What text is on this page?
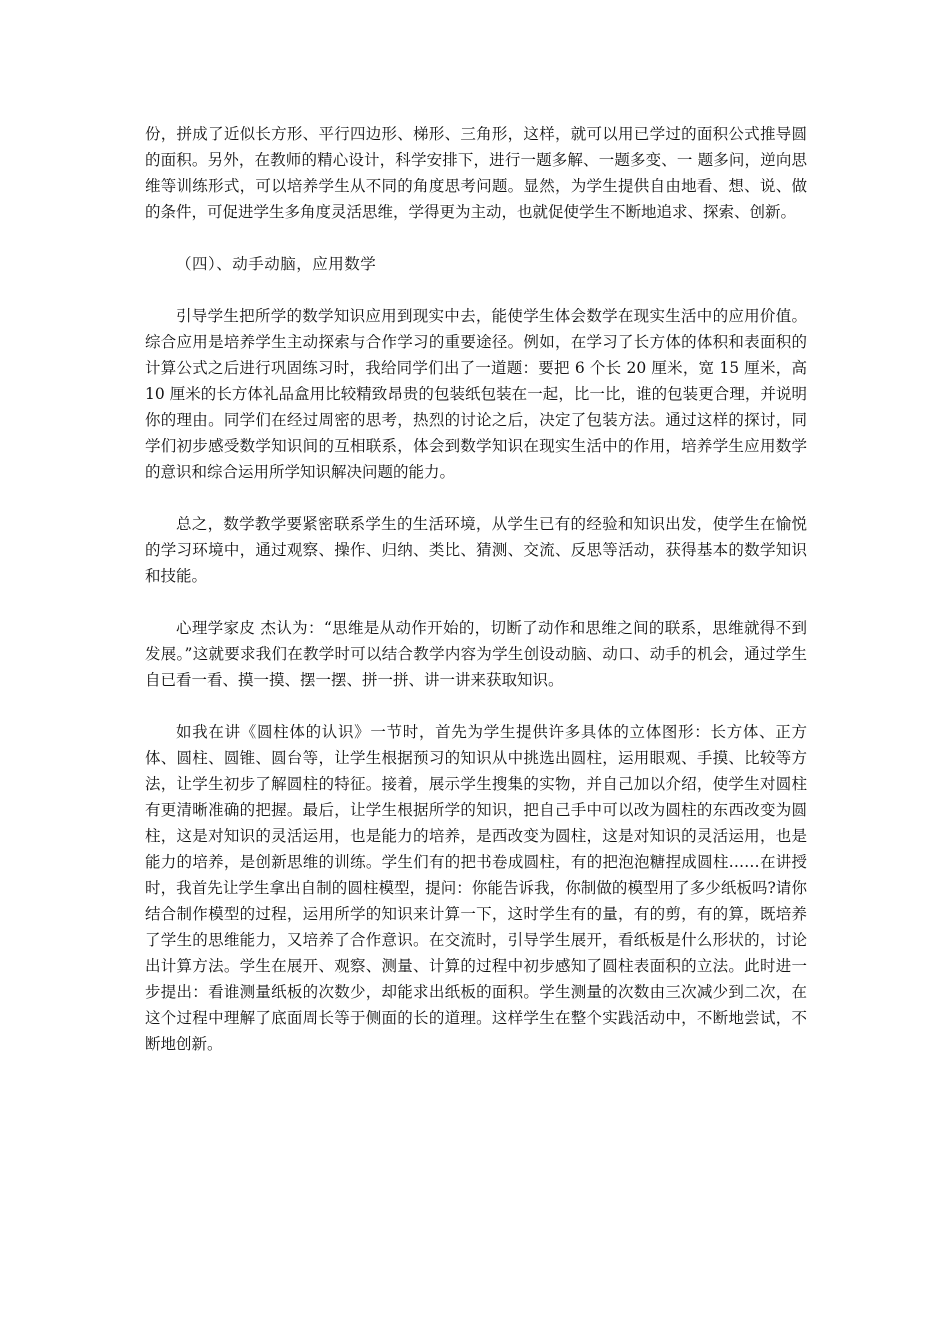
份，拼成了近似长方形、平行四边形、梯形、三角形，这样，就可以用已学过的面积公式推导圆的面积。另外，在教师的精心设计，科学安排下，进行一题多解、一题多变、一 题多问，逆向思维等训练形式，可以培养学生从不同的角度思考问题。显然，为学生提供自由地看、想、说、做的条件，可促进学生多角度灵活思维，学得更为主动，也就促使学生不断地追求、探索、创新。

（四）、动手动脑，应用数学

引导学生把所学的数学知识应用到现实中去，能使学生体会数学在现实生活中的应用价值。综合应用是培养学生主动探索与合作学习的重要途径。例如，在学习了长方体的体积和表面积的计算公式之后进行巩固练习时，我给同学们出了一道题：要把 6 个长 20 厘米，宽 15 厘米，高 10 厘米的长方体礼品盒用比较精致昂贵的包装纸包装在一起，比一比，谁的包装更合理，并说明你的理由。同学们在经过周密的思考，热烈的讨论之后，决定了包装方法。通过这样的探讨，同学们初步感受数学知识间的互相联系，体会到数学知识在现实生活中的作用，培养学生应用数学的意识和综合运用所学知识解决问题的能力。

总之，数学教学要紧密联系学生的生活环境，从学生已有的经验和知识出发，使学生在愉悦的学习环境中，通过观察、操作、归纳、类比、猜测、交流、反思等活动，获得基本的数学知识和技能。

心理学家皮 杰认为：“思维是从动作开始的，切断了动作和思维之间的联系，思维就得不到发展。”这就要求我们在教学时可以结合教学内容为学生创设动脑、动口、动手的机会，通过学生自已看一看、摸一摸、摆一摆、拼一拼、讲一讲来获取知识。

如我在讲《圆柱体的认识》一节时，首先为学生提供许多具体的立体图形：长方体、正方体、圆柱、圆锥、圆台等，让学生根据预习的知识从中挑选出圆柱，运用眼观、手摸、比较等方法，让学生初步了解圆柱的特征。接着，展示学生搜集的实物，并自己加以介绍，使学生对圆柱有更清晰准确的把握。最后，让学生根据所学的知识，把自己手中可以改为圆柱的东西改变为圆柱，这是对知识的灵活运用，也是能力的培养，是西改变为圆柱，这是对知识的灵活运用，也是能力的培养，是创新思维的训练。学生们有的把书卷成圆柱，有的把泡泡糖捏成圆柱……在讲授时，我首先让学生拿出自制的圆柱模型，提问：你能告诉我，你制做的模型用了多少纸板吗?请你结合制作模型的过程，运用所学的知识来计算一下，这时学生有的量，有的剪，有的算，既培养了学生的思维能力，又培养了合作意识。在交流时，引导学生展开，看纸板是什么形状的，讨论出计算方法。学生在展开、观察、测量、计算的过程中初步感知了圆柱表面积的立法。此时进一步提出：看谁测量纸板的次数少，却能求出纸板的面积。学生测量的次数由三次减少到二次，在这个过程中理解了底面周长等于侧面的长的道理。这样学生在整个实践活动中，不断地尝试，不断地创新。
